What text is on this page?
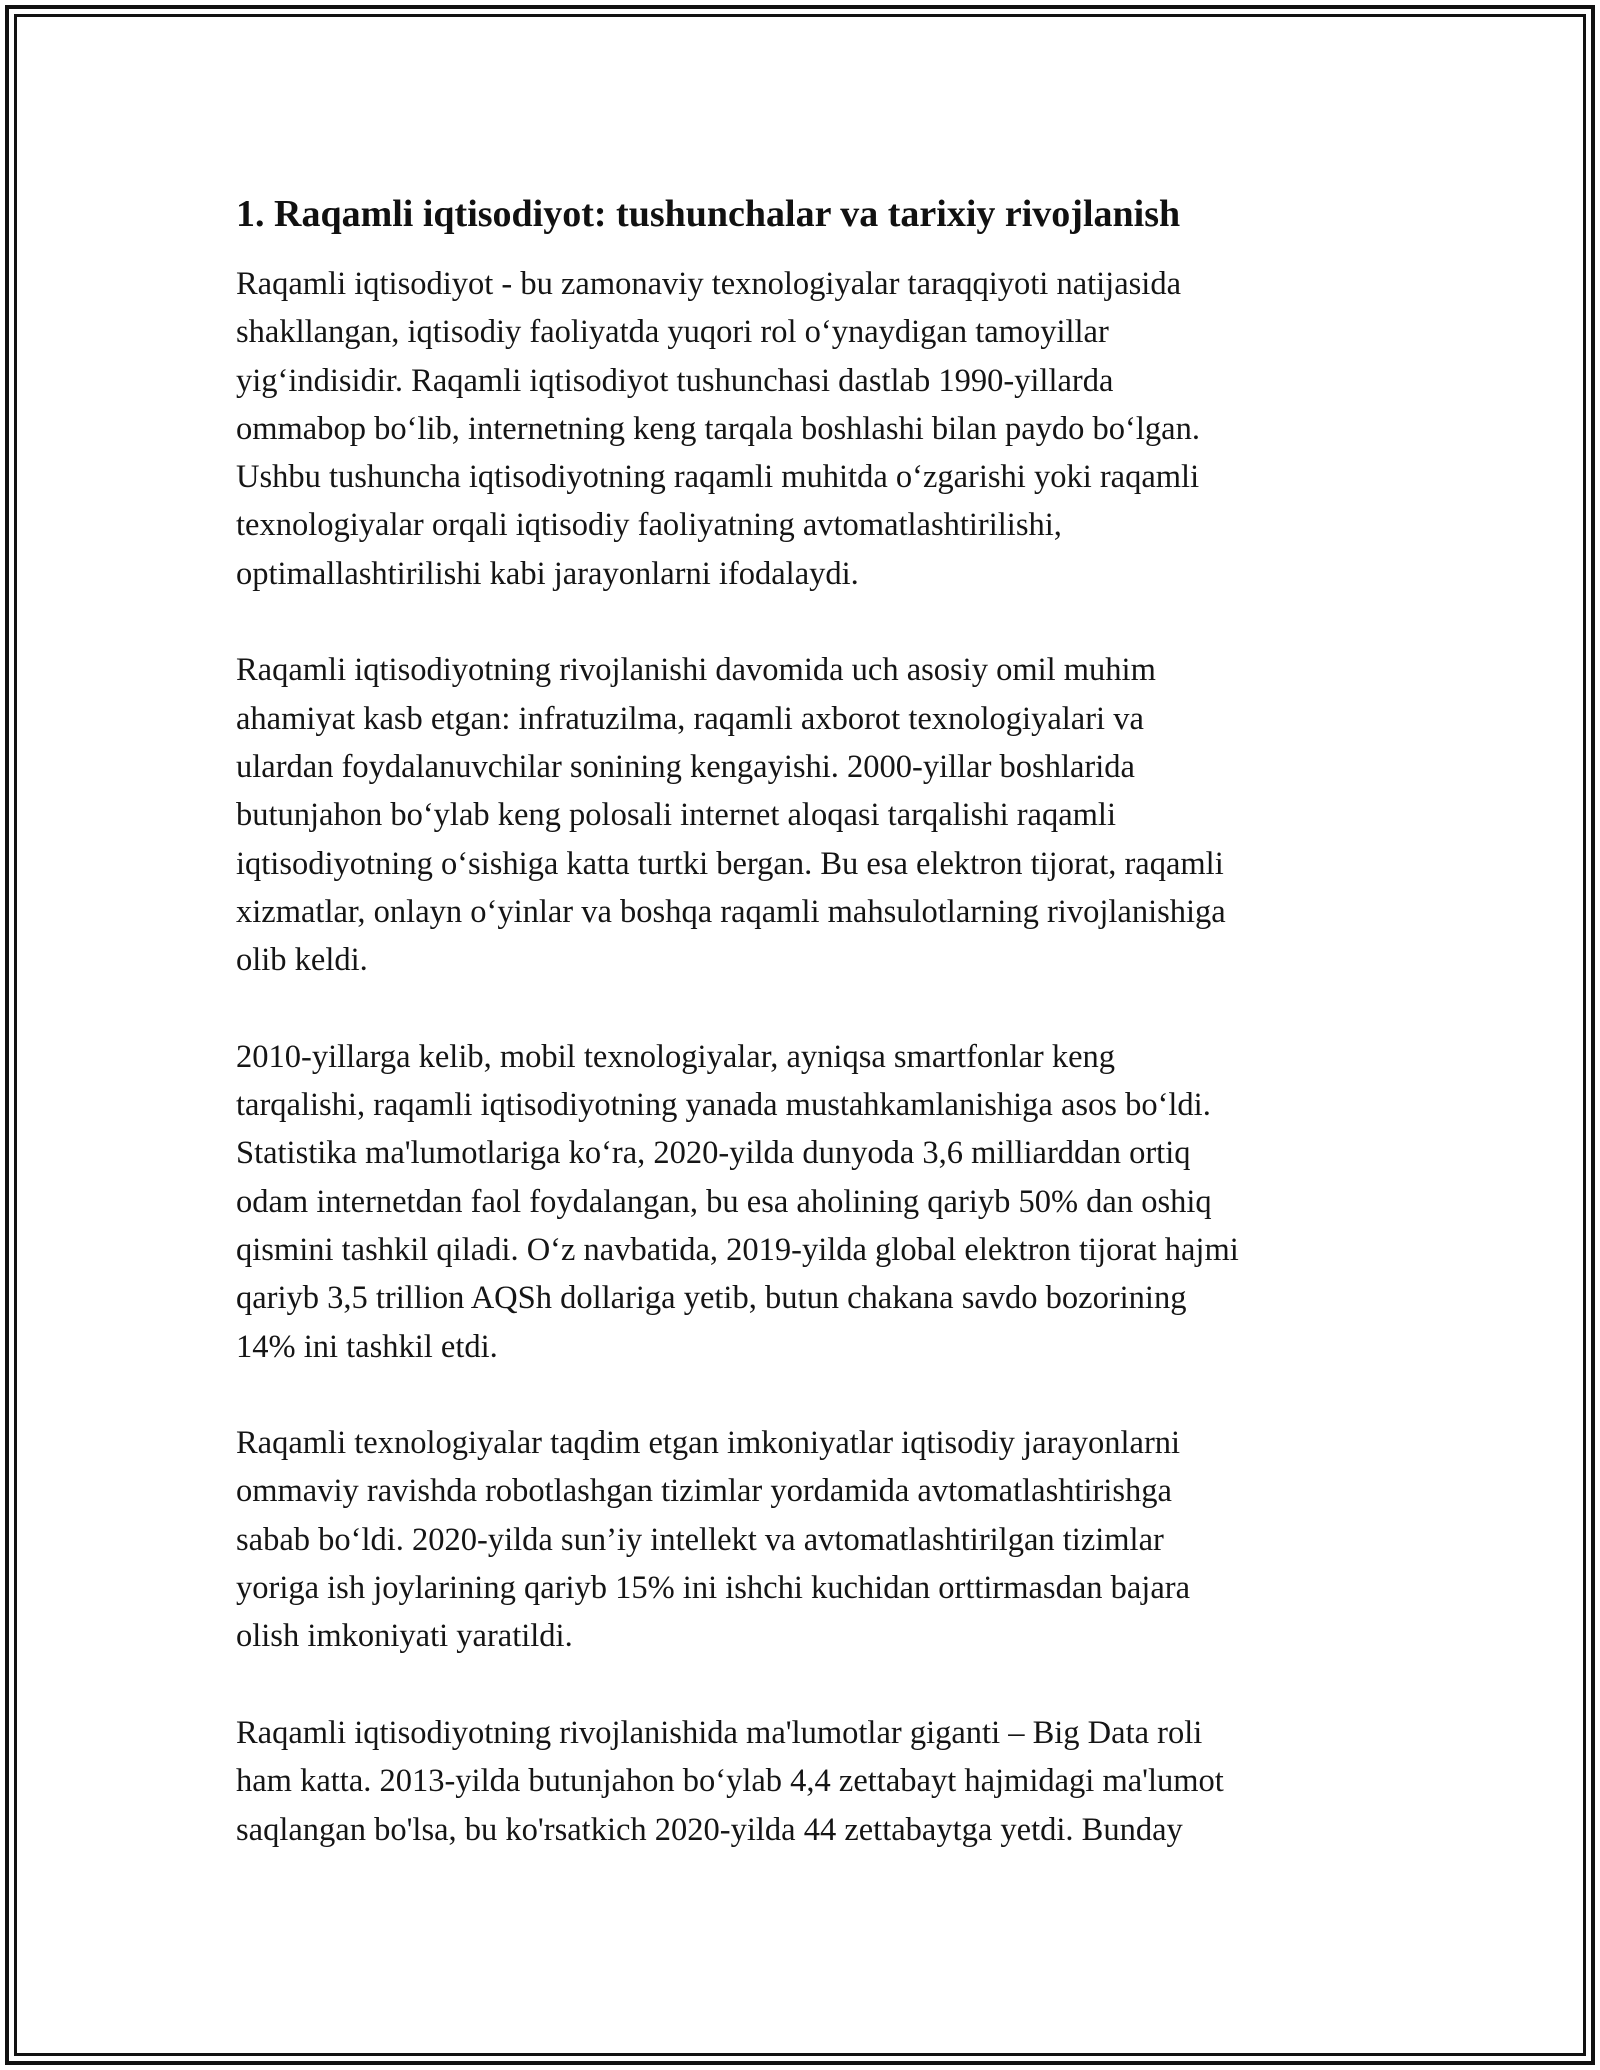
1. Raqamli iqtisodiyot: tushunchalar va tarixiy rivojlanish

Raqamli iqtisodiyot - bu zamonaviy texnologiyalar taraqqiyoti natijasida
shakllangan, iqtisodiy faoliyatda yuqori rol oʻynaydigan tamoyillar
yigʻindisidir. Raqamli iqtisodiyot tushunchasi dastlab 1990-yillarda
ommabop boʻlib, internetning keng tarqala boshlashi bilan paydo boʻlgan.
Ushbu tushuncha iqtisodiyotning raqamli muhitda oʻzgarishi yoki raqamli
texnologiyalar orqali iqtisodiy faoliyatning avtomatlashtirilishi,
optimallashtirilishi kabi jarayonlarni ifodalaydi.

Raqamli iqtisodiyotning rivojlanishi davomida uch asosiy omil muhim
ahamiyat kasb etgan: infratuzilma, raqamli axborot texnologiyalari va
ulardan foydalanuvchilar sonining kengayishi. 2000-yillar boshlarida
butunjahon boʻylab keng polosali internet aloqasi tarqalishi raqamli
iqtisodiyotning oʻsishiga katta turtki bergan. Bu esa elektron tijorat, raqamli
xizmatlar, onlayn oʻyinlar va boshqa raqamli mahsulotlarning rivojlanishiga
olib keldi.

2010-yillarga kelib, mobil texnologiyalar, ayniqsa smartfonlar keng
tarqalishi, raqamli iqtisodiyotning yanada mustahkamlanishiga asos boʻldi.
Statistika ma'lumotlariga koʻra, 2020-yilda dunyoda 3,6 milliarddan ortiq
odam internetdan faol foydalangan, bu esa aholining qariyb 50% dan oshiq
qismini tashkil qiladi. Oʻz navbatida, 2019-yilda global elektron tijorat hajmi
qariyb 3,5 trillion AQSh dollariga yetib, butun chakana savdo bozorining
14% ini tashkil etdi.

Raqamli texnologiyalar taqdim etgan imkoniyatlar iqtisodiy jarayonlarni
ommaviy ravishda robotlashgan tizimlar yordamida avtomatlashtirishga
sabab boʻldi. 2020-yilda sun’iy intellekt va avtomatlashtirilgan tizimlar
yoriga ish joylarining qariyb 15% ini ishchi kuchidan orttirmasdan bajara
olish imkoniyati yaratildi.

Raqamli iqtisodiyotning rivojlanishida ma'lumotlar giganti – Big Data roli
ham katta. 2013-yilda butunjahon boʻylab 4,4 zettabayt hajmidagi ma'lumot
saqlangan bo'lsa, bu ko'rsatkich 2020-yilda 44 zettabaytga yetdi. Bunday
